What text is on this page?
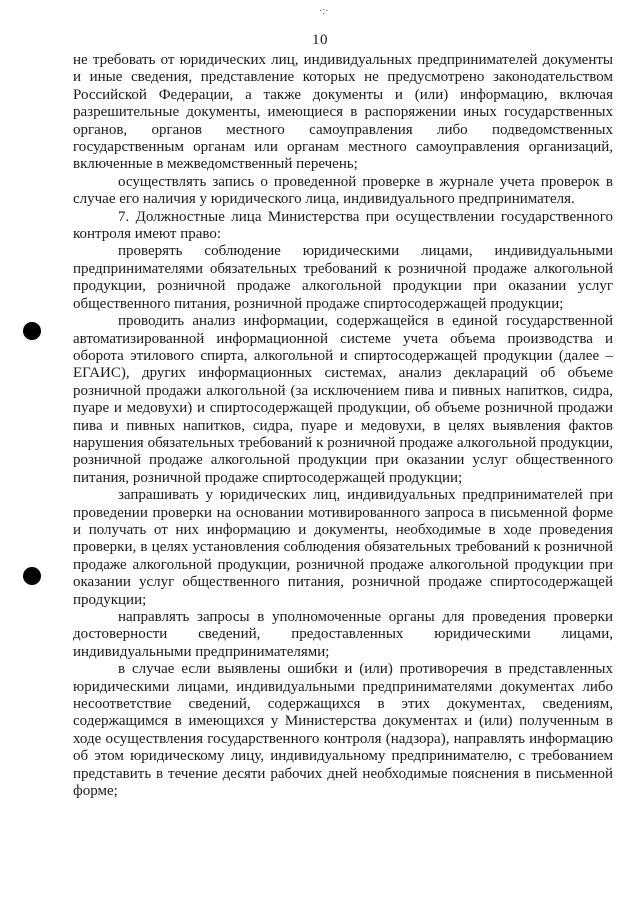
·:·
10

не требовать от юридических лиц, индивидуальных предпринимателей документы и иные сведения, представление которых не предусмотрено законодательством Российской Федерации, а также документы и (или) информацию, включая разрешительные документы, имеющиеся в распоряжении иных государственных органов, органов местного самоуправления либо подведомственных государственным органам или органам местного самоуправления организаций, включенные в межведомственный перечень;

осуществлять запись о проведенной проверке в журнале учета проверок в случае его наличия у юридического лица, индивидуального предпринимателя.

7. Должностные лица Министерства при осуществлении государственного контроля имеют право:

проверять соблюдение юридическими лицами, индивидуальными предпринимателями обязательных требований к розничной продаже алкогольной продукции, розничной продаже алкогольной продукции при оказании услуг общественного питания, розничной продаже спиртосодержащей продукции;

проводить анализ информации, содержащейся в единой государственной автоматизированной информационной системе учета объема производства и оборота этилового спирта, алкогольной и спиртосодержащей продукции (далее – ЕГАИС), других информационных системах, анализ деклараций об объеме розничной продажи алкогольной (за исключением пива и пивных напитков, сидра, пуаре и медовухи) и спиртосодержащей продукции, об объеме розничной продажи пива и пивных напитков, сидра, пуаре и медовухи, в целях выявления фактов нарушения обязательных требований к розничной продаже алкогольной продукции, розничной продаже алкогольной продукции при оказании услуг общественного питания, розничной продаже спиртосодержащей продукции;

запрашивать у юридических лиц, индивидуальных предпринимателей при проведении проверки на основании мотивированного запроса в письменной форме и получать от них информацию и документы, необходимые в ходе проведения проверки, в целях установления соблюдения обязательных требований к розничной продаже алкогольной продукции, розничной продаже алкогольной продукции при оказании услуг общественного питания, розничной продаже спиртосодержащей продукции;

направлять запросы в уполномоченные органы для проведения проверки достоверности сведений, предоставленных юридическими лицами, индивидуальными предпринимателями;

в случае если выявлены ошибки и (или) противоречия в представленных юридическими лицами, индивидуальными предпринимателями документах либо несоответствие сведений, содержащихся в этих документах, сведениям, содержащимся в имеющихся у Министерства документах и (или) полученным в ходе осуществления государственного контроля (надзора), направлять информацию об этом юридическому лицу, индивидуальному предпринимателю, с требованием представить в течение десяти рабочих дней необходимые пояснения в письменной форме;
